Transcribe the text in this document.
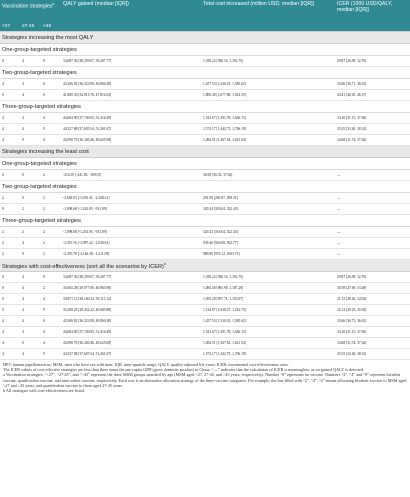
Vaccination strategies$^a$			QALY gained (median [IQR])	Total cost increased (million USD, median [IQR])	ICER (1000 USD/QALY, median [IQR])
<27	27-45	>45			
Strategies increasing the most QALY					
One-group-targeted strategies					
0	4	0	34,087.30 [28,359.07, 39,367.77]	1,018.22 [920.14, 1,116.75]	29.87 [26.99, 32.76]
Two-group-targeted strategies					
4	4	0	43,306.92 [36,523.99, 49,860.28]	1,457.53 [1,330.01, 1,585.62]	33.66 [30.71, 36.61]
9	4	0	41,800.33 [34,913.76, 47,812.63]	1,800.49 [1,677.98, 1,923.55]	43.41 [40.45, 46.37]
Three-group-targeted strategies					
4	4	4	44,684.90 [37,740.83, 51,416.49]	1,523.67 [1,391.78, 1,656.15]	34.10 [31.15, 37.06]
4	4	9	44,527.88 [37,605.54, 51,261.67]	1,574.17 [1,442.75, 1,706.19]	35.35 [32.40, 38.32]
4	9	4	43,090.76 [36,340.46, 49,625.08]	1,494.51 [1,367.63, 1,621.94]	34.68 [31.74, 37.64]
Strategies increasing the least cost					
One-group-targeted strategies					
0	0	2	-216.16 [-241.83, -189.01]	36.98 [36.33, 37.63]	—
Two-group-targeted strategies					
2	0	2	-2,692.03 [-3,055.41, -2,348.21]	291.09 [283.87, 298.31]	—
0	2	2	-1,098.68 [-1,261.05, -931.09]	320.24 [318.04, 322.43]	—
Three-group-targeted strategies					
2	2	2	-1,098.68 [-1,261.05, -931.09]	320.24 [318.04, 322.43]	—
2	4	2	-2,319.76 [-3,987.22, -1,036.81]	939.46 [926.08, 952.77]	—
2	9	2	-2,476.78 [-4,146.38, -1,211.59]	989.96 [976.12, 1003.73]	—
Strategies with cost-effectiveness (sort all the scenarios by ICER)$^b$
0	4	0	34,087.30 [28,359.07, 39,367.77]	1,018.22 [920.14, 1,116.75]	29.87 [26.99, 32.76]
0	4	2	35,665.28 [29,977.86, 40,863.90]	1,084.36 [981.90, 1,187.28]	30.58 [27.69, 33.48]
0	4	4	33,871.13 [28,160.24, 39,115.12]	1,055.20 [957.71, 1,153.07]	31.15 [28.26, 34.04]
0	4	9	35,308.25 [29,432.22, 40,683.88]	1,134.87 [1,028.27, 1,241.75]	32.14 [29.25, 35.04]
4	4	0	43,306.92 [36,523.99, 49,860.28]	1,457.53 [1,330.01, 1,585.62]	33.66 [30.71, 36.61]
4	4	4	44,684.90 [37,740.83, 51,416.49]	1,523.67 [1,391.78, 1,656.15]	34.10 [31.15, 37.06]
4	9	4	43,090.76 [36,340.46, 49,625.08]	1,494.51 [1,367.63, 1,621.94]	34.68 [31.74, 37.64]
4	4	9	44,527.88 [37,605.54, 51,261.67]	1,574.17 [1,442.75, 1,706.19]	35.35 [32.40, 38.32]

HPV, human papillomavirus; MSM, men who have sex with men; IQR, inter-quartile range; QALY, quality-adjusted life years; ICER, incremental cost-effectiveness ratio.

The ICER values of cost-effective strategies are less than three times the per-capita GDP (gross domestic product) in China. “—” indicates that the calculation of ICER is meaningless, as no gained QALY is detected.

a Vaccination strategies: “<27”, “27-45”, and “>45” represent the three MSM groups stratified by age (MSM aged <27, 27-45, and >45 years, respectively). Number “0” represents no vaccine. Numbers “2”, “4” and “9” represent bivalent vaccine, quadrivalent vaccine, and nine-valent vaccine, respectively. Each row is an alternative allocation strategy of the three vaccine categories. For example, the line filled with “2”, “4”, “2” means allocating bivalent vaccine to MSM aged <27 and >45 years, and quadrivalent vaccine to those aged 27-45 years.

b All strategies with cost-effectiveness are listed.
